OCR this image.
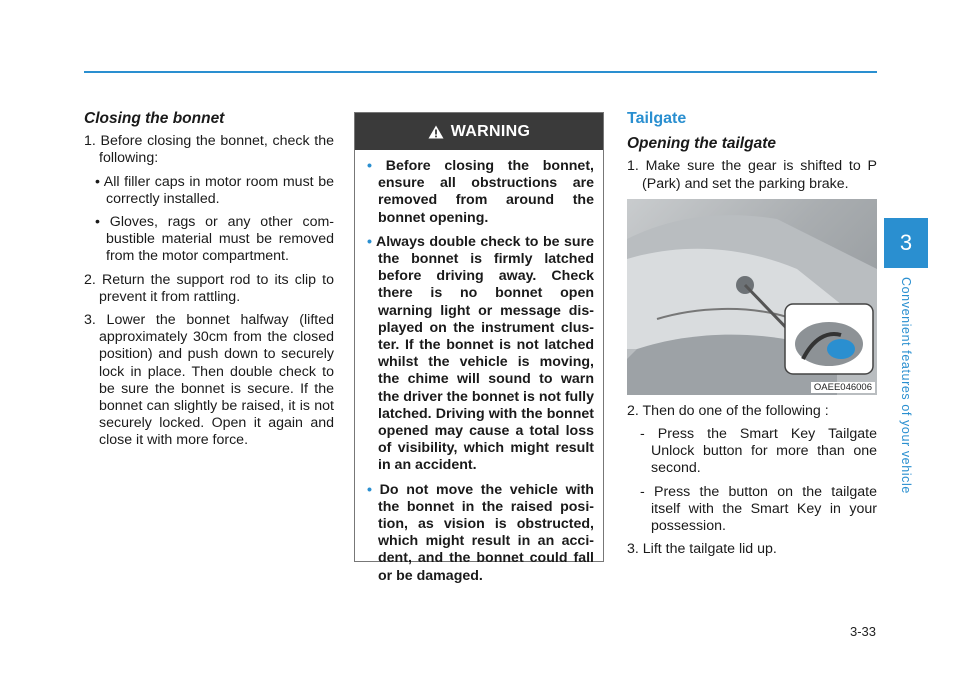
Closing the bonnet
1. Before closing the bonnet, check the following:
• All filler caps in motor room must be correctly installed.
• Gloves, rags or any other com-bustible material must be removed from the motor compartment.
2. Return the support rod to its clip to prevent it from rattling.
3. Lower the bonnet halfway (lifted approximately 30cm from the closed position) and push down to securely lock in place. Then double check to be sure the bonnet is secure. If the bonnet can slightly be raised, it is not securely locked. Open it again and close it with more force.
WARNING
• Before closing the bonnet, ensure all obstructions are removed from around the bonnet opening.
• Always double check to be sure the bonnet is firmly latched before driving away. Check there is no bonnet open warning light or message dis-played on the instrument clus-ter. If the bonnet is not latched whilst the vehicle is moving, the chime will sound to warn the driver the bonnet is not fully latched. Driving with the bonnet opened may cause a total loss of visibility, which might result in an accident.
• Do not move the vehicle with the bonnet in the raised posi-tion, as vision is obstructed, which might result in an acci-dent, and the bonnet could fall or be damaged.
Tailgate
Opening the tailgate
1. Make sure the gear is shifted to P (Park) and set the parking brake.
OAEE046006
2. Then do one of the following :
- Press the Smart Key Tailgate Unlock button for more than one second.
- Press the button on the tailgate itself with the Smart Key in your possession.
3. Lift the tailgate lid up.
3
Convenient features of your vehicle
3-33
